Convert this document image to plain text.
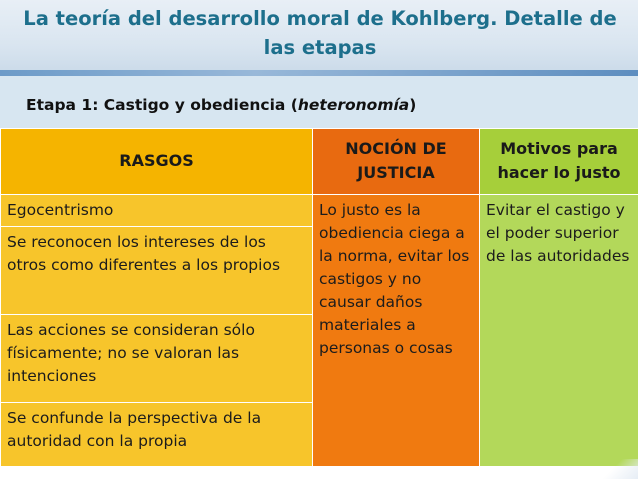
La teoría del desarrollo moral de Kohlberg. Detalle de las etapas
Etapa 1: Castigo y obediencia (heteronomía)
RASGOS	NOCIÓN DE JUSTICIA	Motivos para hacer lo justo

Egocentrismo	Lo justo es la obediencia ciega a la norma, evitar los castigos y no causar daños materiales a personas o cosas	Evitar el castigo y el poder superior de las autoridades

Se reconocen los intereses de los otros como diferentes a los propios		

Las acciones se consideran sólo físicamente; no se valoran las intenciones		

Se confunde la perspectiva de la autoridad con la propia		
